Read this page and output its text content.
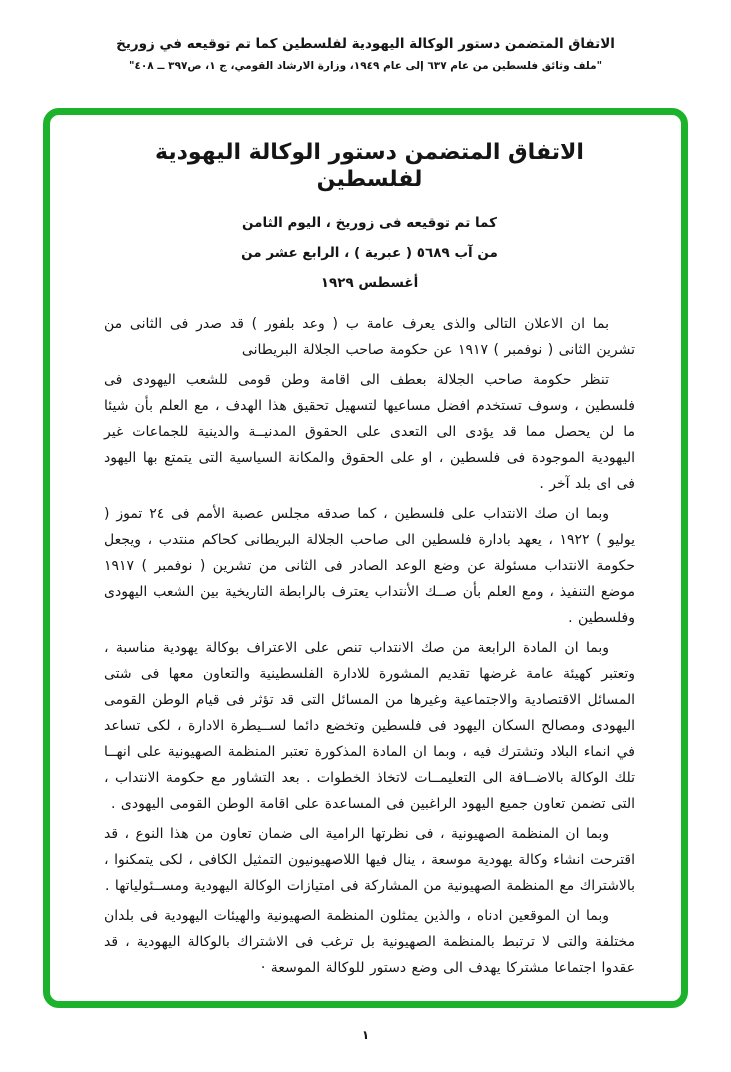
الاتفاق المتضمن دستور الوكالة اليهودية لفلسطين كما تم توقيعه في زوريخ
"ملف وثائق فلسطين من عام ٦٣٧ إلى عام ١٩٤٩، وزارة الارشاد القومي، ج ١، ص٣٩٧ ــ ٤٠٨"
الاتفاق المتضمن دستور الوكالة اليهودية لفلسطين
كما تم توقيعه فى زوريخ ، اليوم الثامن
من آب ٥٦٨٩ ( عبرية ) ، الرابع عشر من
أغسطس ١٩٢٩

بما ان الاعلان التالى والذى يعرف عامة ب ( وعد بلفور ) قد صدر فى الثانى من تشرين الثانى ( نوفمبر ) ١٩١٧ عن حكومة صاحب الجلالة البريطانى

تنظر حكومة صاحب الجلالة بعطف الى اقامة وطن قومى للشعب اليهودى فى فلسطين ، وسوف تستخدم افضل مساعيها لتسهيل تحقيق هذا الهدف ، مع العلم بأن شيئا ما لن يحصل مما قد يؤدى الى التعدى على الحقوق المدنيــة والدينية للجماعات غير اليهودية الموجودة فى فلسطين ، او على الحقوق والمكانة السياسية التى يتمتع بها اليهود فى اى بلد آخر .

وبما ان صك الانتداب على فلسطين ، كما صدقه مجلس عصبة الأمم فى ٢٤ تموز ( يوليو ) ١٩٢٢ ، يعهد بادارة فلسطين الى صاحب الجلالة البريطانى كحاكم منتدب ، ويجعل حكومة الانتداب مسئولة عن وضع الوعد الصادر فى الثانى من تشرين ( نوفمبر ) ١٩١٧ موضع التنفيذ ، ومع العلم بأن صــك الأنتداب يعترف بالرابطة التاريخية بين الشعب اليهودى وفلسطين .

وبما ان المادة الرابعة من صك الانتداب تنص على الاعتراف بوكالة يهودية مناسبة ، وتعتبر كهيئة عامة غرضها تقديم المشورة للادارة الفلسطينية والتعاون معها فى شتى المسائل الاقتصادية والاجتماعية وغيرها من المسائل التى قد تؤثر فى قيام الوطن القومى اليهودى ومصالح السكان اليهود فى فلسطين وتخضع دائما لســيطرة الادارة ، لكى تساعد في انماء البلاد وتشترك فيه ، وبما ان المادة المذكورة تعتبر المنظمة الصهيونية على انهــا تلك الوكالة بالاضــافة الى التعليمــات لاتخاذ الخطوات . بعد التشاور مع حكومة الانتداب ، التى تضمن تعاون جميع اليهود الراغبين فى المساعدة على اقامة الوطن القومى اليهودى .

وبما ان المنظمة الصهيونية ، فى نظرتها الرامية الى ضمان تعاون من هذا النوع ، قد اقترحت انشاء وكالة يهودية موسعة ، ينال فيها اللاصهيونيون التمثيل الكافى ، لكى يتمكنوا ، بالاشتراك مع المنظمة الصهيونية من المشاركة فى امتيازات الوكالة اليهودية ومســئولياتها .

وبما ان الموقعين ادناه ، والذين يمثلون المنظمة الصهيونية والهيئات اليهودية فى بلدان مختلفة والتى لا ترتبط بالمنظمة الصهيونية بل ترغب فى الاشتراك بالوكالة اليهودية ، قد عقدوا اجتماعا مشتركا يهدف الى وضع دستور للوكالة الموسعة ·

١
